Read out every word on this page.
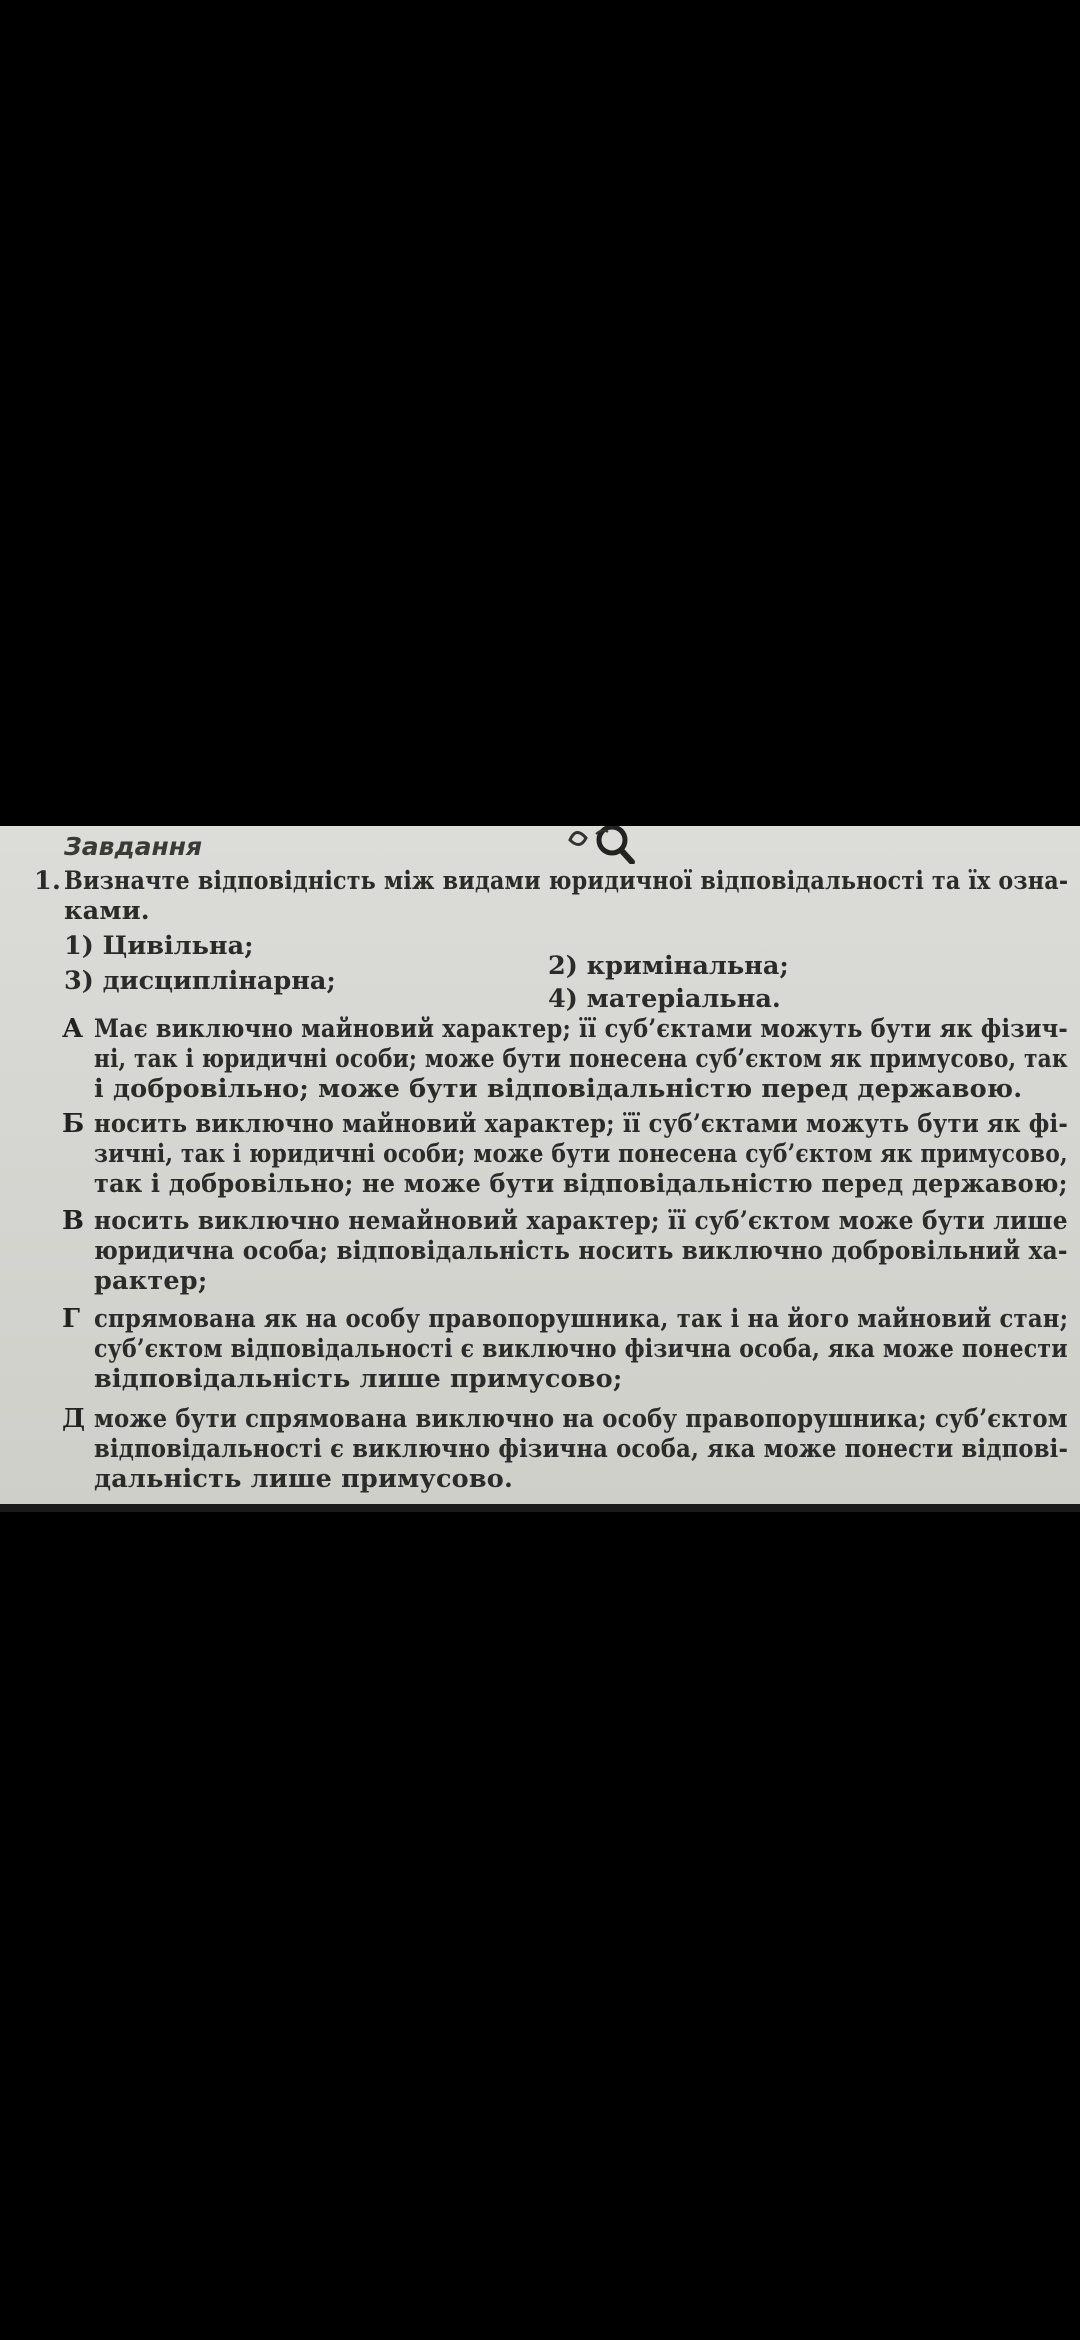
Завдання
1. Визначте відповідність між видами юридичної відповідальності та їх озна-
ками.
1) Цивільна;
2) кримінальна;
3) дисциплінарна;
4) матеріальна.
А Має виключно майновий характер; її суб’єктами можуть бути як фізич-
ні, так і юридичні особи; може бути понесена суб’єктом як примусово, так
і добровільно; може бути відповідальністю перед державою.
Б носить виключно майновий характер; її суб’єктами можуть бути як фі-
зичні, так і юридичні особи; може бути понесена суб’єктом як примусово,
так і добровільно; не може бути відповідальністю перед державою;
В носить виключно немайновий характер; її суб’єктом може бути лише
юридична особа; відповідальність носить виключно добровільний ха-
рактер;
Г спрямована як на особу правопорушника, так і на його майновий стан;
суб’єктом відповідальності є виключно фізична особа, яка може понести
відповідальність лише примусово;
Д може бути спрямована виключно на особу правопорушника; суб’єктом
відповідальності є виключно фізична особа, яка може понести відпові-
дальність лише примусово.
